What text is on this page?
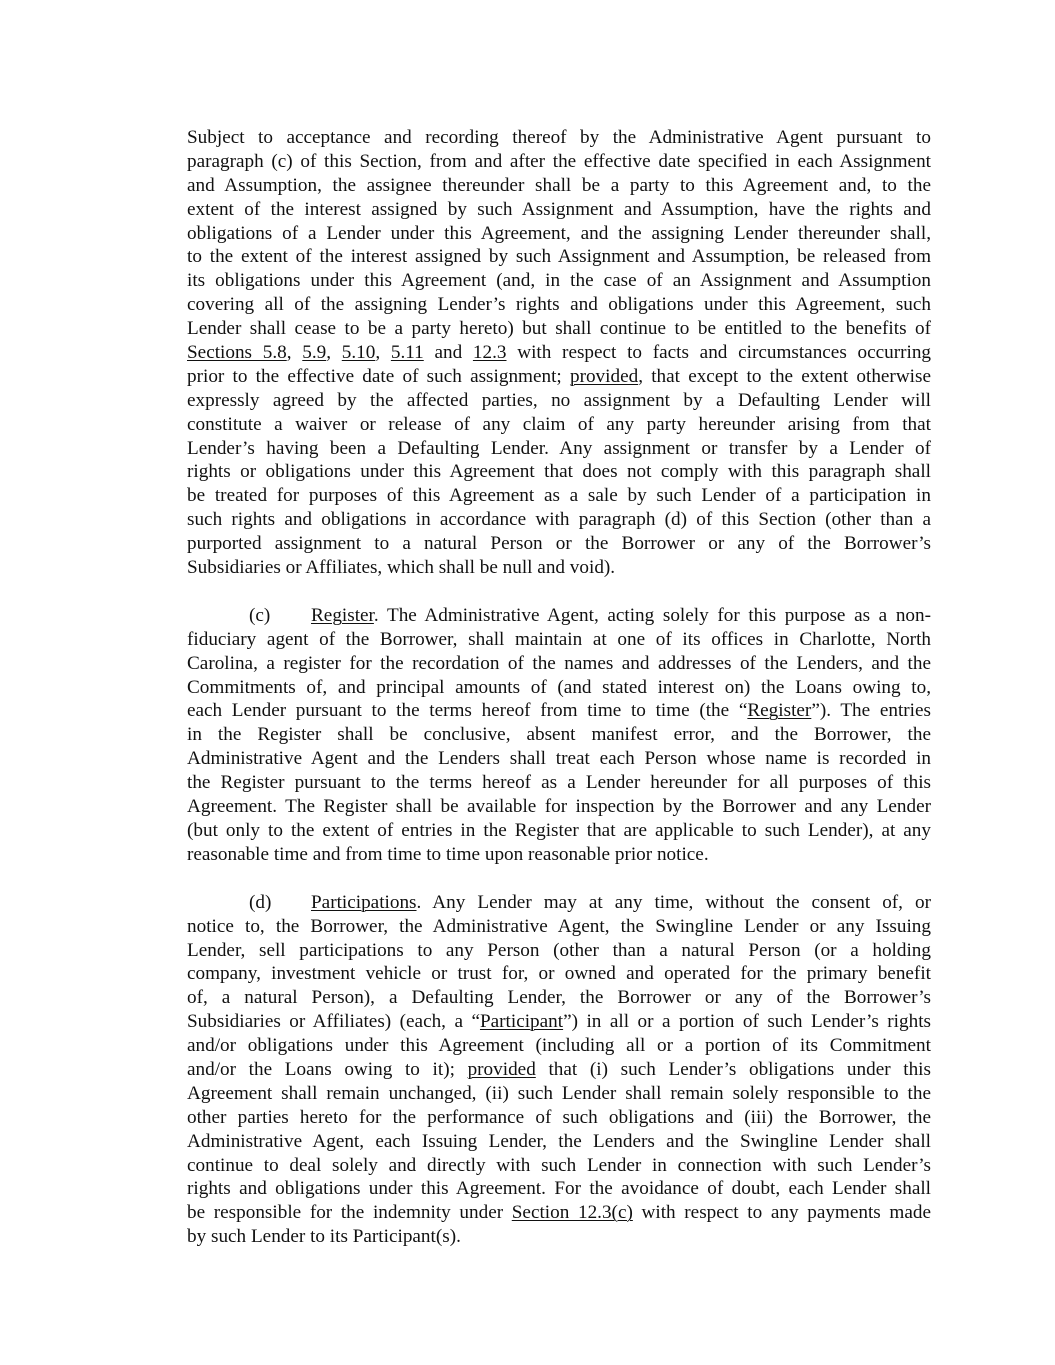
Subject to acceptance and recording thereof by the Administrative Agent pursuant to
paragraph (c) of this Section, from and after the effective date specified in each Assignment
and Assumption, the assignee thereunder shall be a party to this Agreement and, to the
extent of the interest assigned by such Assignment and Assumption, have the rights and
obligations of a Lender under this Agreement, and the assigning Lender thereunder shall,
to the extent of the interest assigned by such Assignment and Assumption, be released from
its obligations under this Agreement (and, in the case of an Assignment and Assumption
covering all of the assigning Lender’s rights and obligations under this Agreement, such
Lender shall cease to be a party hereto) but shall continue to be entitled to the benefits of
Sections 5.8, 5.9, 5.10, 5.11 and 12.3 with respect to facts and circumstances occurring
prior to the effective date of such assignment; provided, that except to the extent otherwise
expressly agreed by the affected parties, no assignment by a Defaulting Lender will
constitute a waiver or release of any claim of any party hereunder arising from that
Lender’s having been a Defaulting Lender. Any assignment or transfer by a Lender of
rights or obligations under this Agreement that does not comply with this paragraph shall
be treated for purposes of this Agreement as a sale by such Lender of a participation in
such rights and obligations in accordance with paragraph (d) of this Section (other than a
purported assignment to a natural Person or the Borrower or any of the Borrower’s
Subsidiaries or Affiliates, which shall be null and void).
(c) Register. The Administrative Agent, acting solely for this purpose as a non-
fiduciary agent of the Borrower, shall maintain at one of its offices in Charlotte, North
Carolina, a register for the recordation of the names and addresses of the Lenders, and the
Commitments of, and principal amounts of (and stated interest on) the Loans owing to,
each Lender pursuant to the terms hereof from time to time (the “Register”). The entries
in the Register shall be conclusive, absent manifest error, and the Borrower, the
Administrative Agent and the Lenders shall treat each Person whose name is recorded in
the Register pursuant to the terms hereof as a Lender hereunder for all purposes of this
Agreement. The Register shall be available for inspection by the Borrower and any Lender
(but only to the extent of entries in the Register that are applicable to such Lender), at any
reasonable time and from time to time upon reasonable prior notice.
(d) Participations. Any Lender may at any time, without the consent of, or
notice to, the Borrower, the Administrative Agent, the Swingline Lender or any Issuing
Lender, sell participations to any Person (other than a natural Person (or a holding
company, investment vehicle or trust for, or owned and operated for the primary benefit
of, a natural Person), a Defaulting Lender, the Borrower or any of the Borrower’s
Subsidiaries or Affiliates) (each, a “Participant”) in all or a portion of such Lender’s rights
and/or obligations under this Agreement (including all or a portion of its Commitment
and/or the Loans owing to it); provided that (i) such Lender’s obligations under this
Agreement shall remain unchanged, (ii) such Lender shall remain solely responsible to the
other parties hereto for the performance of such obligations and (iii) the Borrower, the
Administrative Agent, each Issuing Lender, the Lenders and the Swingline Lender shall
continue to deal solely and directly with such Lender in connection with such Lender’s
rights and obligations under this Agreement. For the avoidance of doubt, each Lender shall
be responsible for the indemnity under Section 12.3(c) with respect to any payments made
by such Lender to its Participant(s).
